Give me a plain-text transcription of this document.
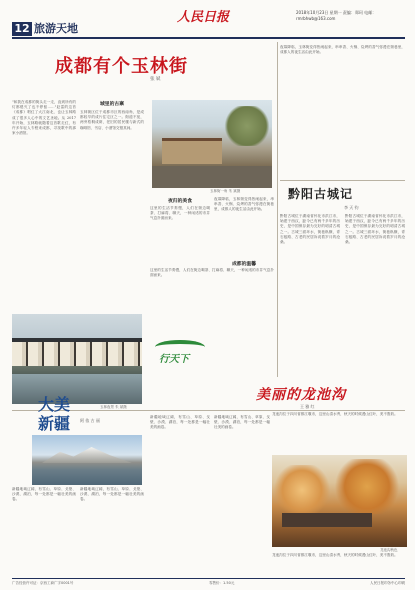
12 旅游天地
人民日报	2018年10月23日 星期一 责编：郑珂 电邮：rmrbhwb@163.com
成都有个玉林街
张 斌
"和我在成都的街头走一走，直到所有的灯都熄灭了也不停留……"赵雷的这首《成都》唱红了大江南北，也让玉林路成了很多人心中的文艺圣地。从 2017年开始，玉林路就随着这首歌走红，有许多年轻人专程来成都，寻找歌中的那家小酒馆。
城里的古寨
玉林街区位于成都市区的西南角，是成都较早的成片住宅区之一。街道不宽，两旁梧桐成荫，老旧的居民楼与新式的咖啡馆、书店、小酒馆交错其间。
玉林街一角 朱 斌摄
夜归的美食
这里的生活节奏慢，人们在街边喝茶、打麻将、聊天，一种闲适的市井气息扑面而来。
成都的温馨
夜幕降临，玉林街变得热闹起来，串串香、火锅、烧烤的香气弥漫在街巷里，成都人的夜生活由此开始。
夜幕降临，玉林街变得热闹起来，串串香、火锅、烧烤的香气弥漫在街巷里，成都人的夜生活由此开始。
黔阳古城记
李 天 钧
黔阳古城位于湖南省怀化市洪江市，始建于西汉，距今已有两千多年的历史，是中国保存最为完好的明清古城之一。古城三面环水，街巷纵横，青石板路、古老的民居诉说着岁月的沧桑。
黔阳古城位于湖南省怀化市洪江市，始建于西汉，距今已有两千多年的历史，是中国保存最为完好的明清古城之一。古城三面环水，街巷纵横，青石板路、古老的民居诉说着岁月的沧桑。
这里的生活节奏慢，人们在街边喝茶、打麻将、聊天，一种闲适的市井气息扑面而来。
玉林夜景 朱 斌摄
行天下
大美新疆	阿 依 古 丽
新疆地域辽阔，有雪山、草原、戈壁、沙漠、湖泊，每一处都是一幅壮美的画卷。
新疆地域辽阔，有雪山、草原、戈壁、沙漠、湖泊，每一处都是一幅壮美的画卷。
新疆地域辽阔，有雪山、草原、戈壁、沙漠、湖泊，每一处都是一幅壮美的画卷。
新疆地域辽阔，有雪山、草原、戈壁、沙漠、湖泊，每一处都是一幅壮美的画卷。
美丽的龙池沟
王 雅 红
龙池沟位于四川省都江堰市，这里山清水秀，秋天的时候漫山红叶，美不胜收。
龙池沟秋色
龙池沟位于四川省都江堰市，这里山清水秀，秋天的时候漫山红叶，美不胜收。
广告经营许可证：京西工商广字0001号	零售价：1.50元	人民日报印务中心印刷
